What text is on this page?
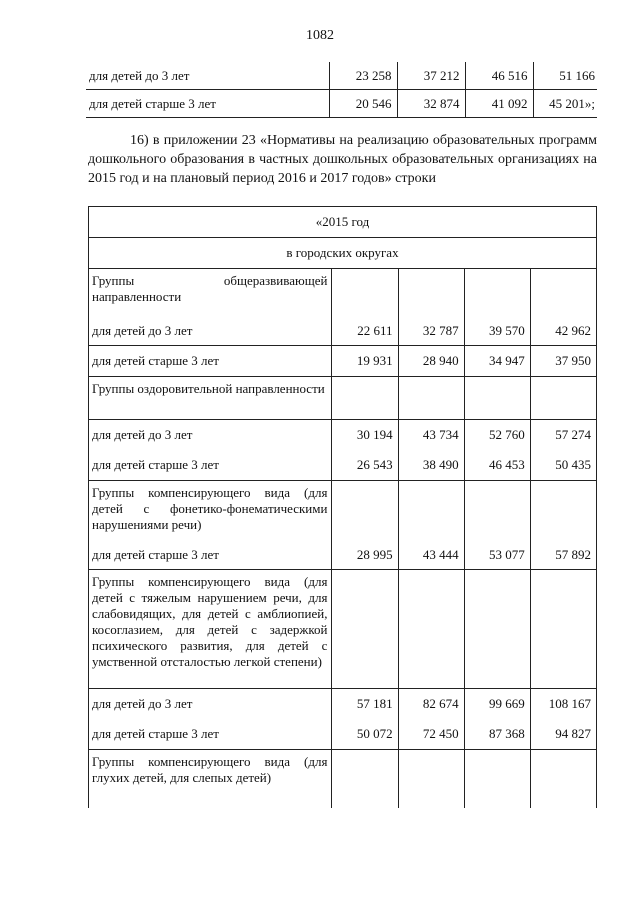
1082
для детей до 3 лет	23 258	37 212	46 516	51 166
для детей старше 3 лет	20 546	32 874	41 092	45 201»;

16) в приложении 23 «Нормативы на реализацию образовательных программ дошкольного образования в частных дошкольных образовательных организациях на 2015 год и на плановый период 2016 и 2017 годов» строки

«2015 год				
в городских округах				
Группы общеразвивающей направленности				
для детей до 3 лет	22 611	32 787	39 570	42 962
для детей старше 3 лет	19 931	28 940	34 947	37 950
Группы оздоровительной направленности				
для детей до 3 лет	30 194	43 734	52 760	57 274
для детей старше 3 лет	26 543	38 490	46 453	50 435
Группы компенсирующего вида (для детей с фонетико-фонематическими нарушениями речи)				
для детей старше 3 лет	28 995	43 444	53 077	57 892
Группы компенсирующего вида (для детей с тяжелым нарушением речи, для слабовидящих, для детей с амблиопией, косоглазием, для детей с задержкой психического развития, для детей с умственной отсталостью легкой степени)				
для детей до 3 лет	57 181	82 674	99 669	108 167
для детей старше 3 лет	50 072	72 450	87 368	94 827
Группы компенсирующего вида (для глухих детей, для слепых детей)				
